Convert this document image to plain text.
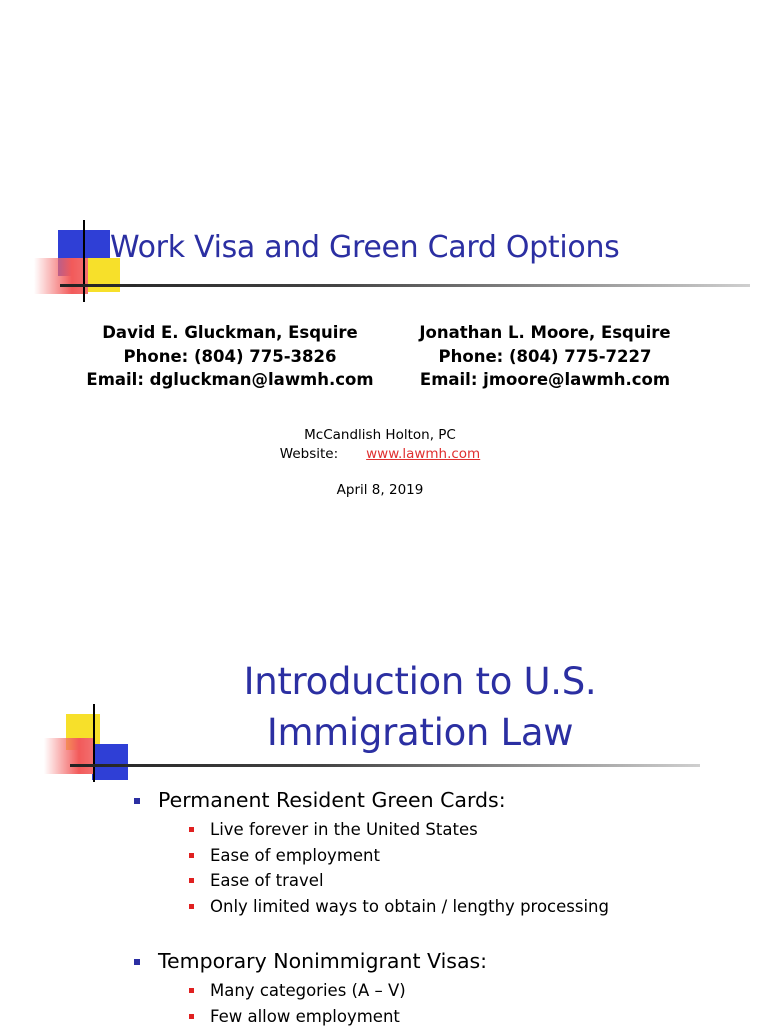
Work Visa and Green Card Options
David E. Gluckman, Esquire
Phone: (804) 775-3826
Email: dgluckman@lawmh.com
Jonathan L. Moore, Esquire
Phone: (804) 775-7227
Email: jmoore@lawmh.com
McCandlish Holton, PC
Website: www.lawmh.com
April 8, 2019
Introduction to U.S.
Immigration Law
Permanent Resident Green Cards:
Live forever in the United States
Ease of employment
Ease of travel
Only limited ways to obtain / lengthy processing
Temporary Nonimmigrant Visas:
Many categories (A – V)
Few allow employment
